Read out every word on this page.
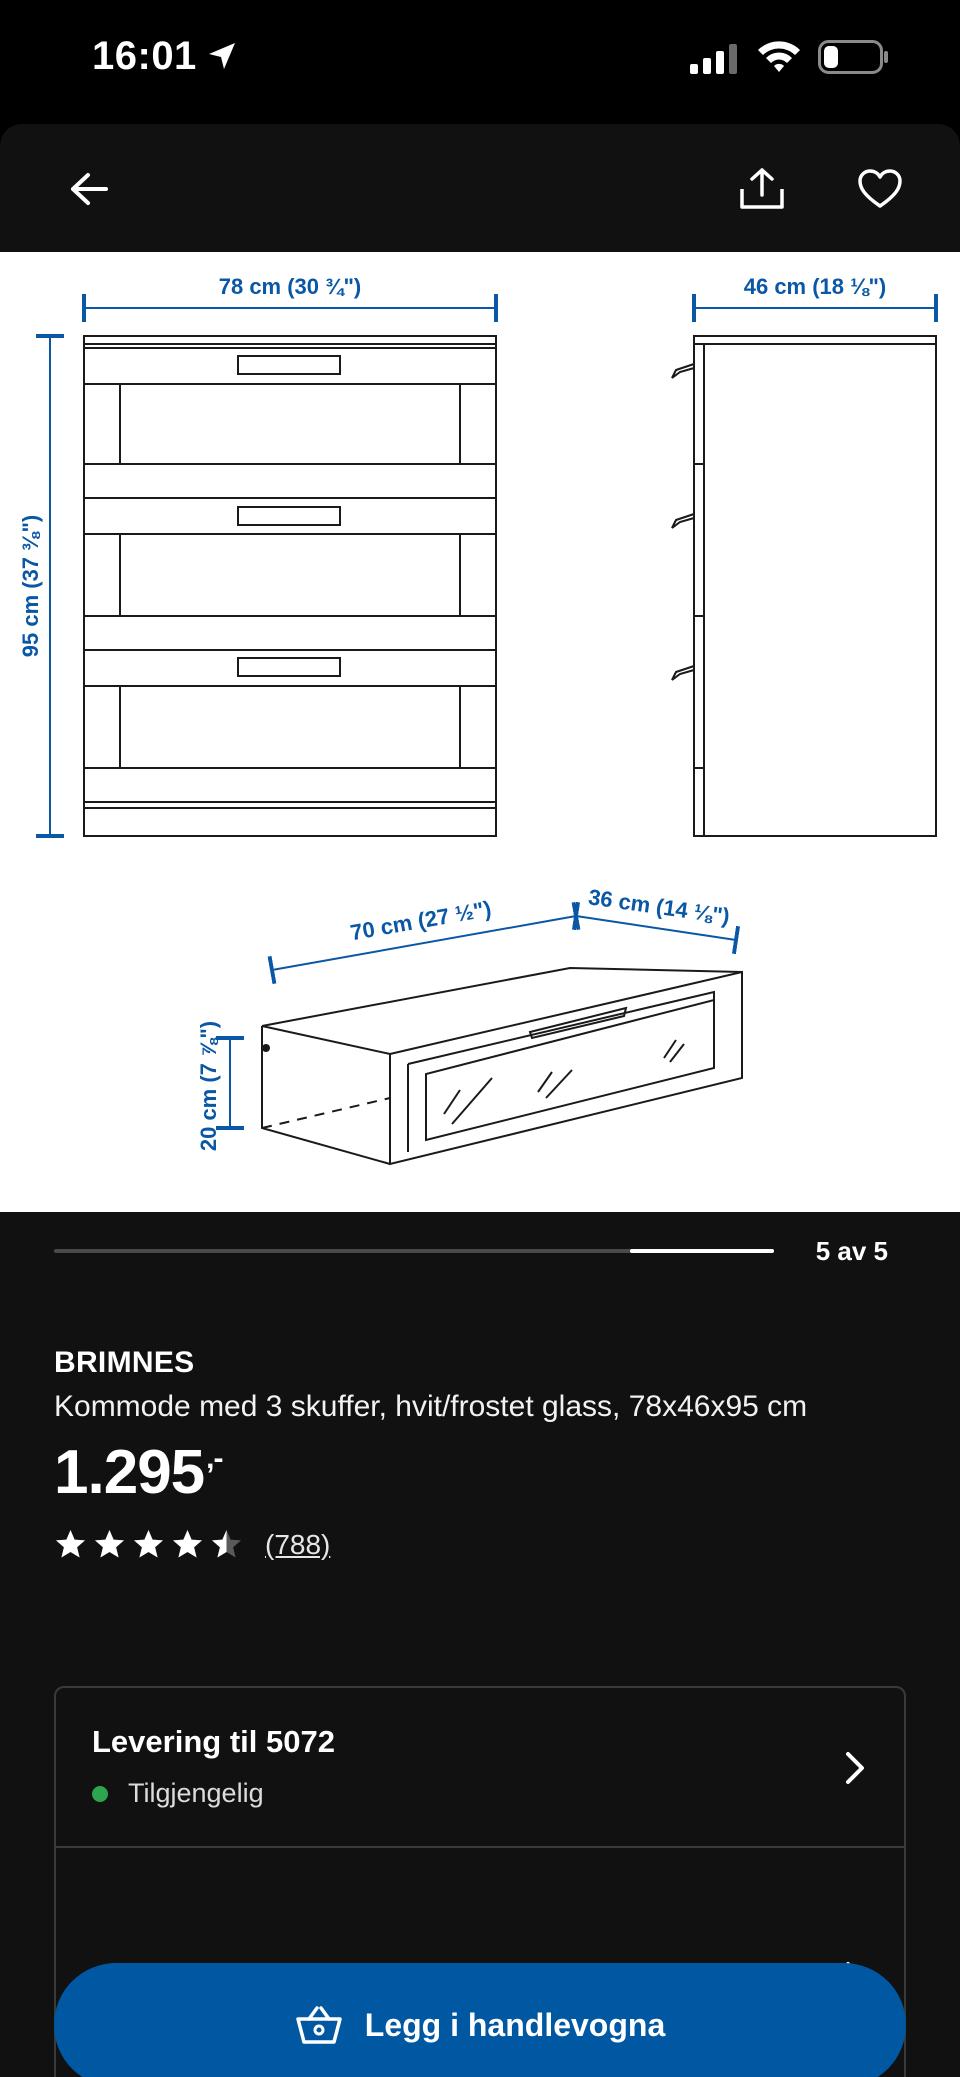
16:01
78 cm (30 ¾")	46 cm (18 ⅛")
95 cm (37 ⅜")
70 cm (27 ½")	36 cm (14 ⅛")
20 cm (7 ⅞")
5 av 5
BRIMNES
Kommode med 3 skuffer, hvit/frostet glass, 78x46x95 cm
1.295,-
(788)
Levering til 5072
Tilgjengelig
Legg i handlevogna
